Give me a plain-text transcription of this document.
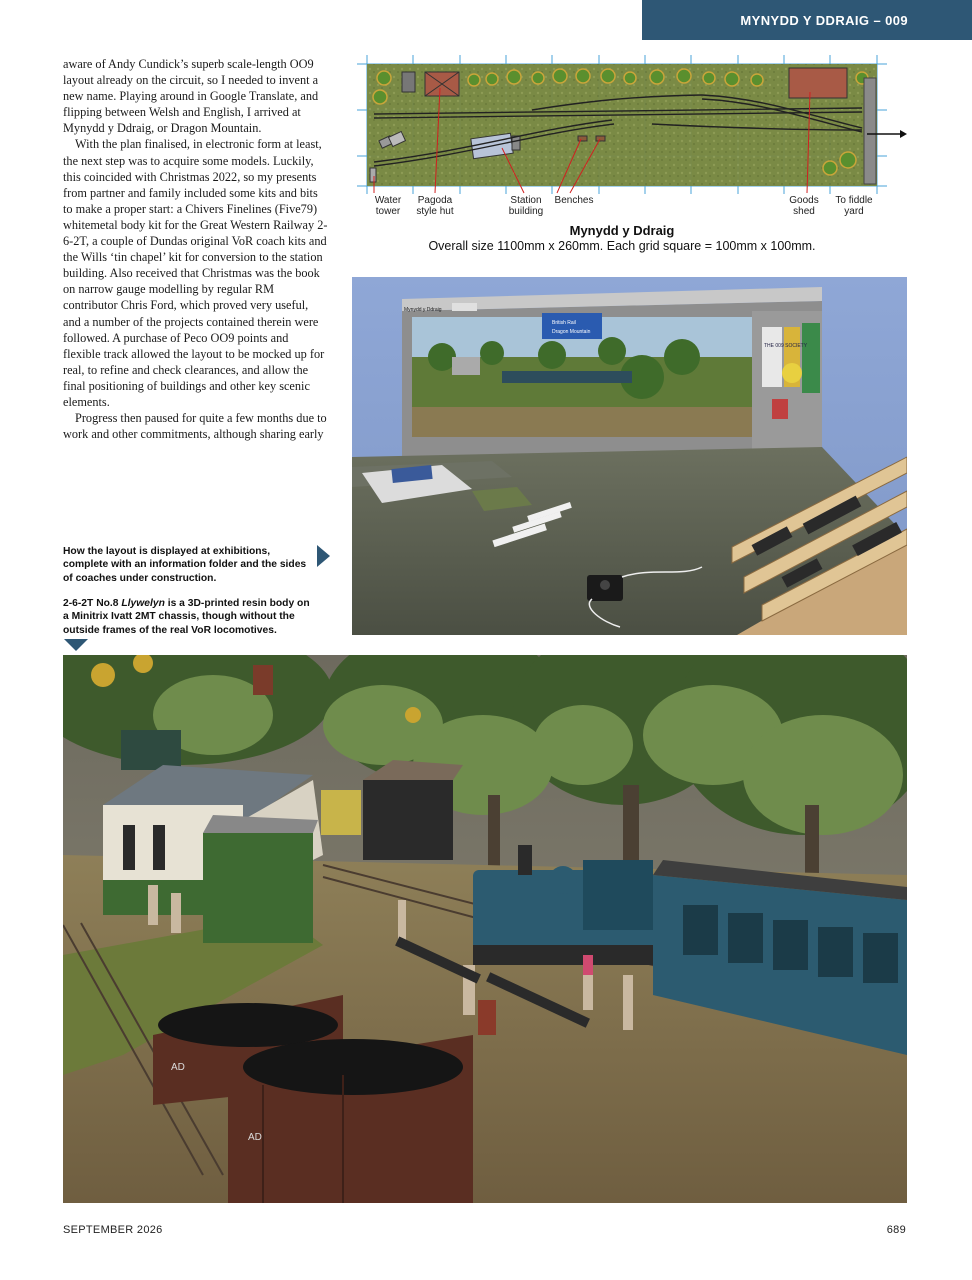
MYNYDD Y DDRAIG – 009

aware of Andy Cundick’s superb scale-length OO9 layout already on the circuit, so I needed to invent a new name. Playing around in Google Translate, and flipping between Welsh and English, I arrived at Mynydd y Ddraig, or Dragon Mountain.

With the plan finalised, in electronic form at least, the next step was to acquire some models. Luckily, this coincided with Christmas 2022, so my presents from partner and family included some kits and bits to make a proper start: a Chivers Finelines (Five79) whitemetal body kit for the Great Western Railway 2-6-2T, a couple of Dundas original VoR coach kits and the Wills ‘tin chapel’ kit for conversion to the station building. Also received that Christmas was the book on narrow gauge modelling by regular RM contributor Chris Ford, which proved very useful, and a number of the projects contained therein were followed. A purchase of Peco OO9 points and flexible track allowed the layout to be mocked up for real, to refine and check clearances, and allow the final positioning of buildings and other key scenic elements.

Progress then paused for quite a few months due to work and other commitments, although sharing early

How the layout is displayed at exhibitions, complete with an information folder and the sides of coaches under construction.
2-6-2T No.8 Llywelyn is a 3D-printed resin body on a Minitrix Ivatt 2MT chassis, though without the outside frames of the real VoR locomotives.
Water tower
Pagoda style hut
Station building
Benches	Goods shed
To fiddle yard
Mynydd y Ddraig
Overall size 1100mm x 260mm. Each grid square = 100mm x 100mm.
British Rail
Dragon Mountain
Mynydd y Ddraig
THE 009 SOCIETY
AD
AD
SEPTEMBER 2026	689
